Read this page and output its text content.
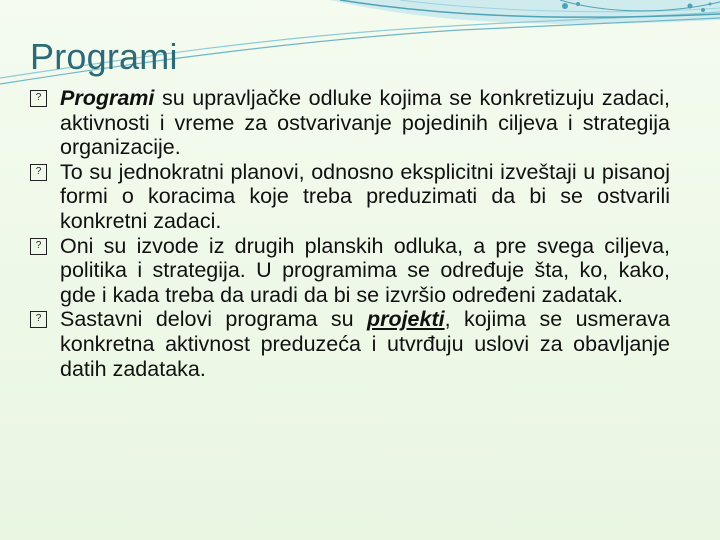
Programi

? Programi su upravljačke odluke kojima se konkretizuju zadaci, aktivnosti i vreme za ostvarivanje pojedinih ciljeva i strategija organizacije.

? To su jednokratni planovi, odnosno eksplicitni izveštaji u pisanoj formi o koracima koje treba preduzimati da bi se ostvarili konkretni zadaci.

? Oni su izvode iz drugih planskih odluka, a pre svega ciljeva, politika i strategija. U programima se određuje šta, ko, kako, gde i kada treba da uradi da bi se izvršio određeni zadatak.

? Sastavni delovi programa su projekti, kojima se usmerava konkretna aktivnost preduzeća i utvrđuju uslovi za obavljanje datih zadataka.
